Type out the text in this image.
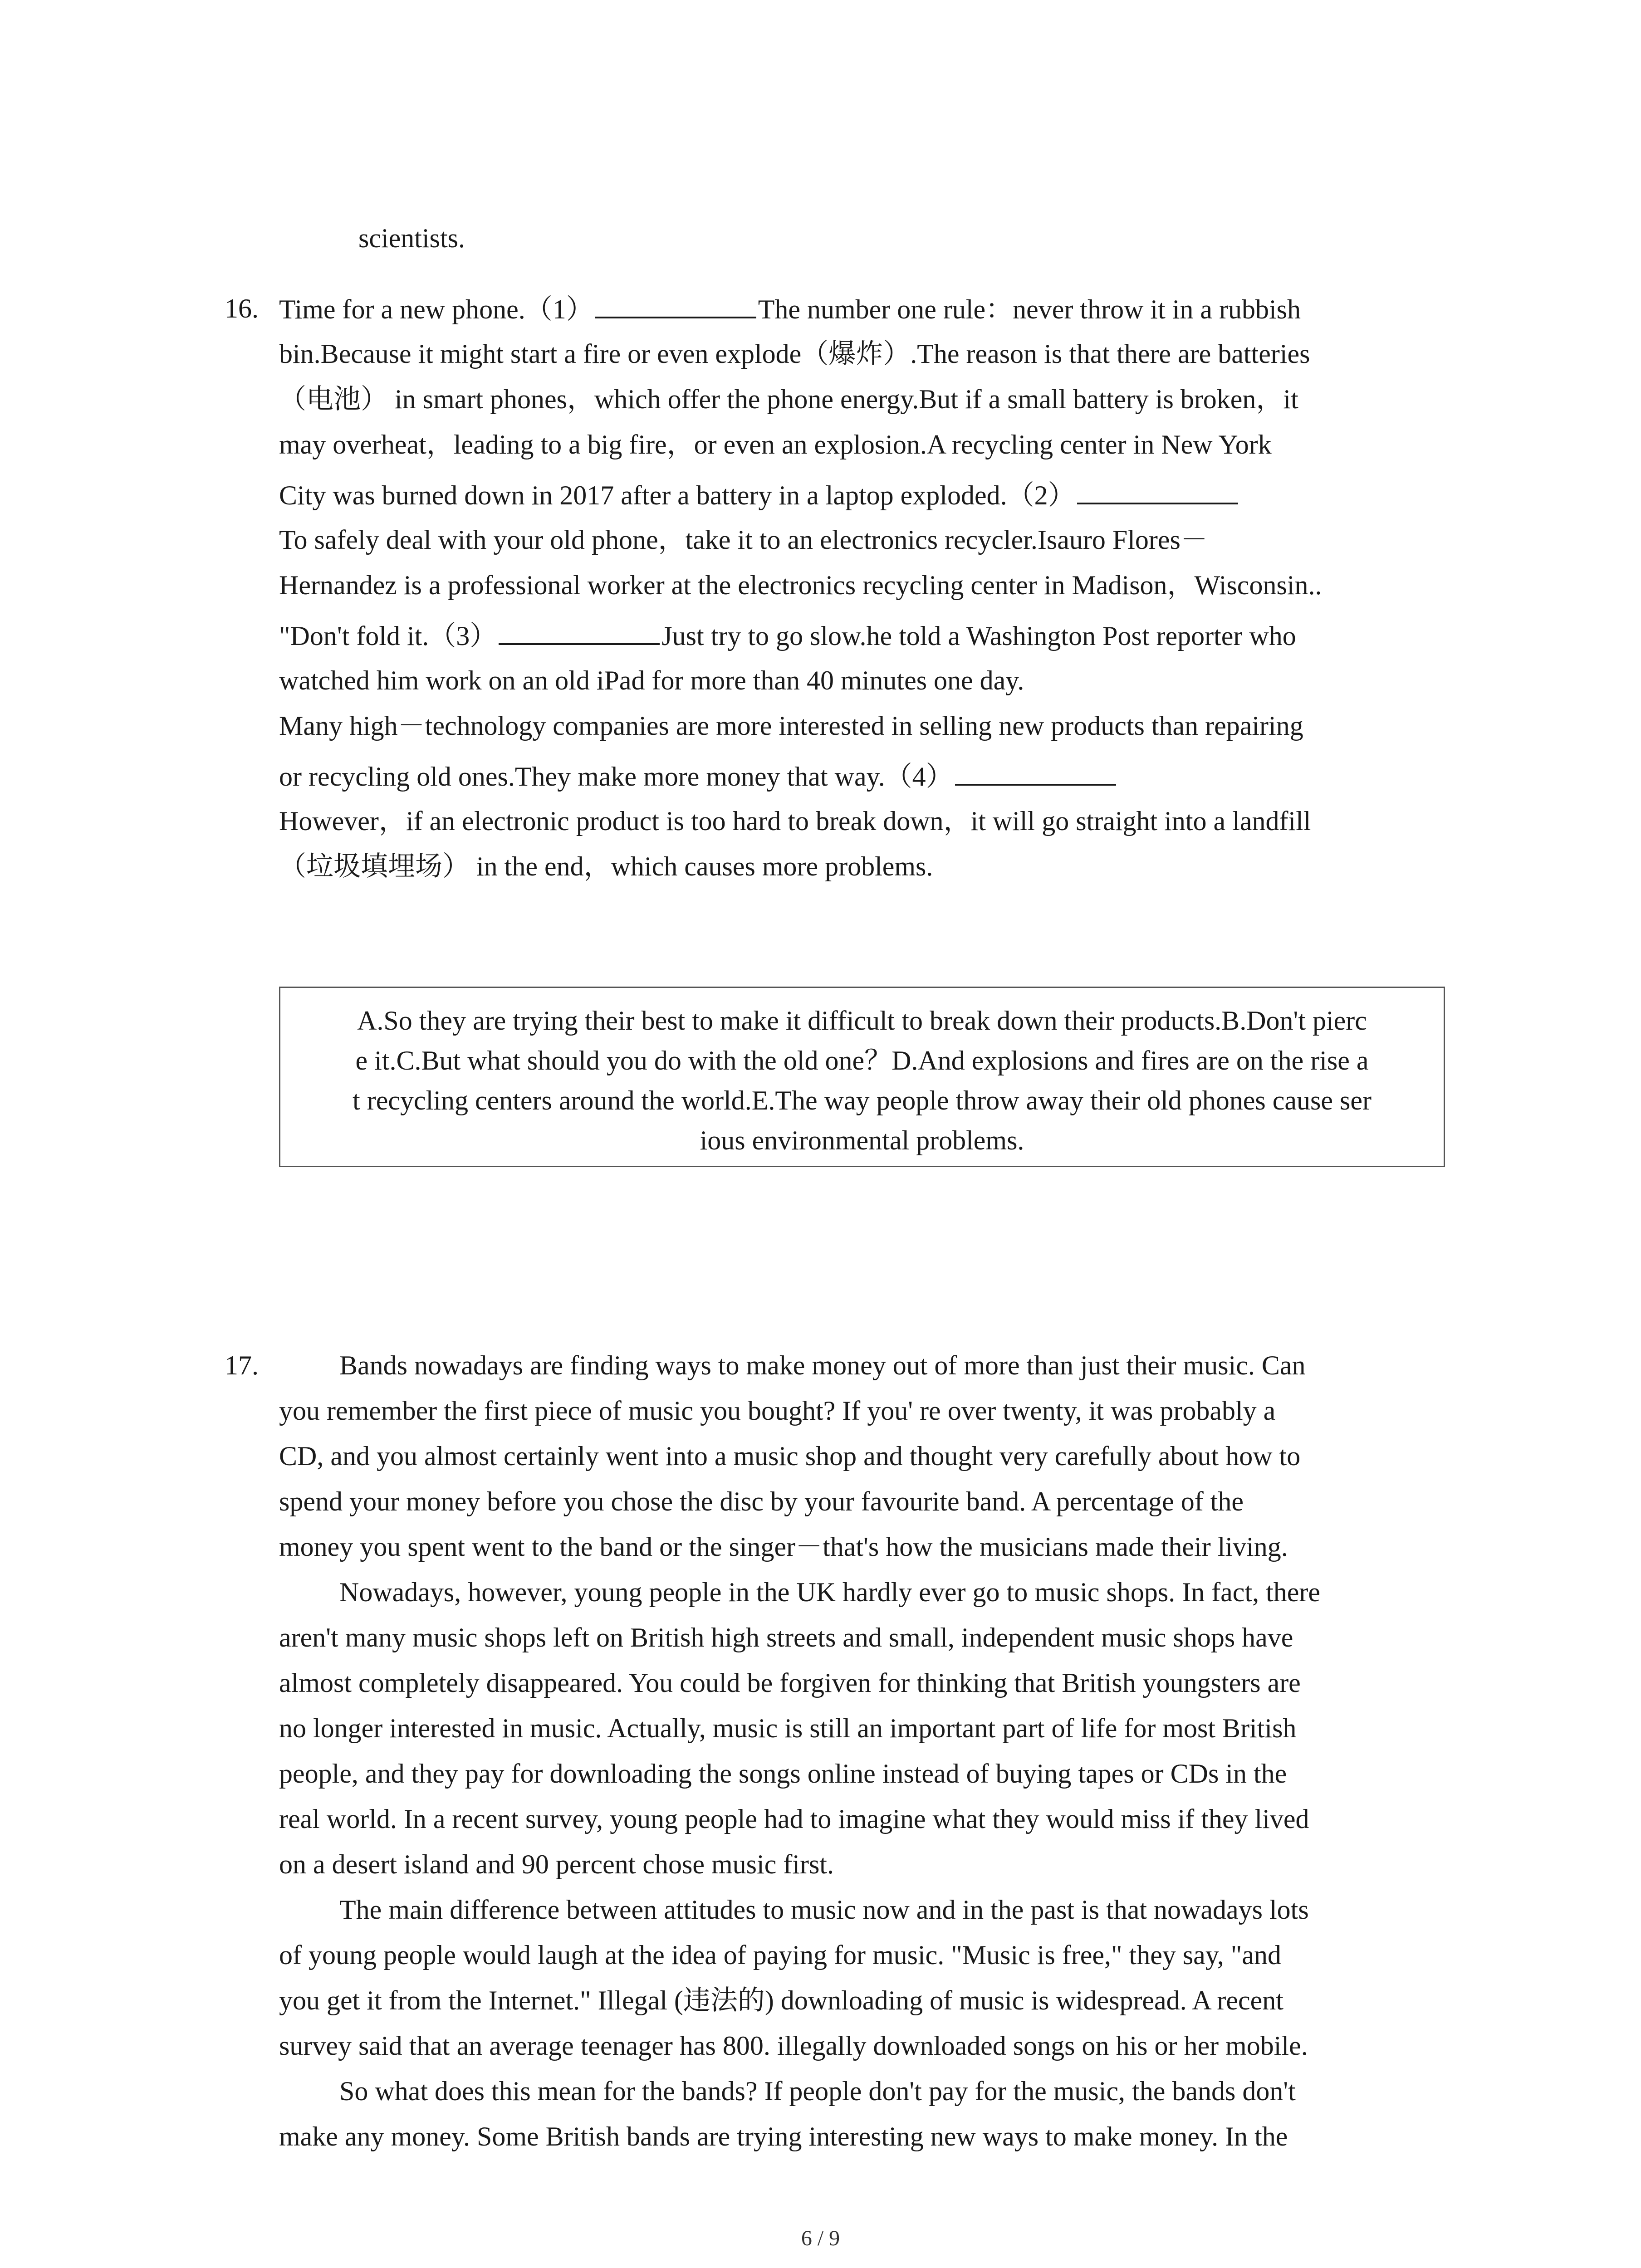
scientists.
16. Time for a new phone.（1）	The number one rule：never throw it in a rubbish
bin.Because it might start a fire or even explode（爆炸）.The reason is that there are batteries
（电池） in smart phones，which offer the phone energy.But if a small battery is broken，it
may overheat，leading to a big fire，or even an explosion.A recycling center in New York
City was burned down in 2017 after a battery in a laptop exploded.（2）
To safely deal with your old phone，take it to an electronics recycler.Isauro Flores－
Hernandez is a professional worker at the electronics recycling center in Madison，Wisconsin..
"Don't fold it.（3）	Just try to go slow.he told a Washington Post reporter who
watched him work on an old iPad for more than 40 minutes one day.
Many high－technology companies are more interested in selling new products than repairing
or recycling old ones.They make more money that way.（4）
However，if an electronic product is too hard to break down，it will go straight into a landfill
（垃圾填埋场） in the end，which causes more problems.
A.So they are trying their best to make it difficult to break down their products.B.Don't pierc
e it.C.But what should you do with the old one？D.And explosions and fires are on the rise a
t recycling centers around the world.E.The way people throw away their old phones cause ser
ious environmental problems.
17.	Bands nowadays are finding ways to make money out of more than just their music. Can
you remember the first piece of music you bought? If you' re over twenty, it was probably a
CD, and you almost certainly went into a music shop and thought very carefully about how to
spend your money before you chose the disc by your favourite band. A percentage of the
money you spent went to the band or the singer－that's how the musicians made their living.
Nowadays, however, young people in the UK hardly ever go to music shops. In fact, there
aren't many music shops left on British high streets and small, independent music shops have
almost completely disappeared. You could be forgiven for thinking that British youngsters are
no longer interested in music. Actually, music is still an important part of life for most British
people, and they pay for downloading the songs online instead of buying tapes or CDs in the
real world. In a recent survey, young people had to imagine what they would miss if they lived
on a desert island and 90 percent chose music first.
The main difference between attitudes to music now and in the past is that nowadays lots
of young people would laugh at the idea of paying for music. "Music is free," they say, "and
you get it from the Internet." Illegal (违法的) downloading of music is widespread. A recent
survey said that an average teenager has 800. illegally downloaded songs on his or her mobile.
So what does this mean for the bands? If people don't pay for the music, the bands don't
make any money. Some British bands are trying interesting new ways to make money. In the
6 / 9
